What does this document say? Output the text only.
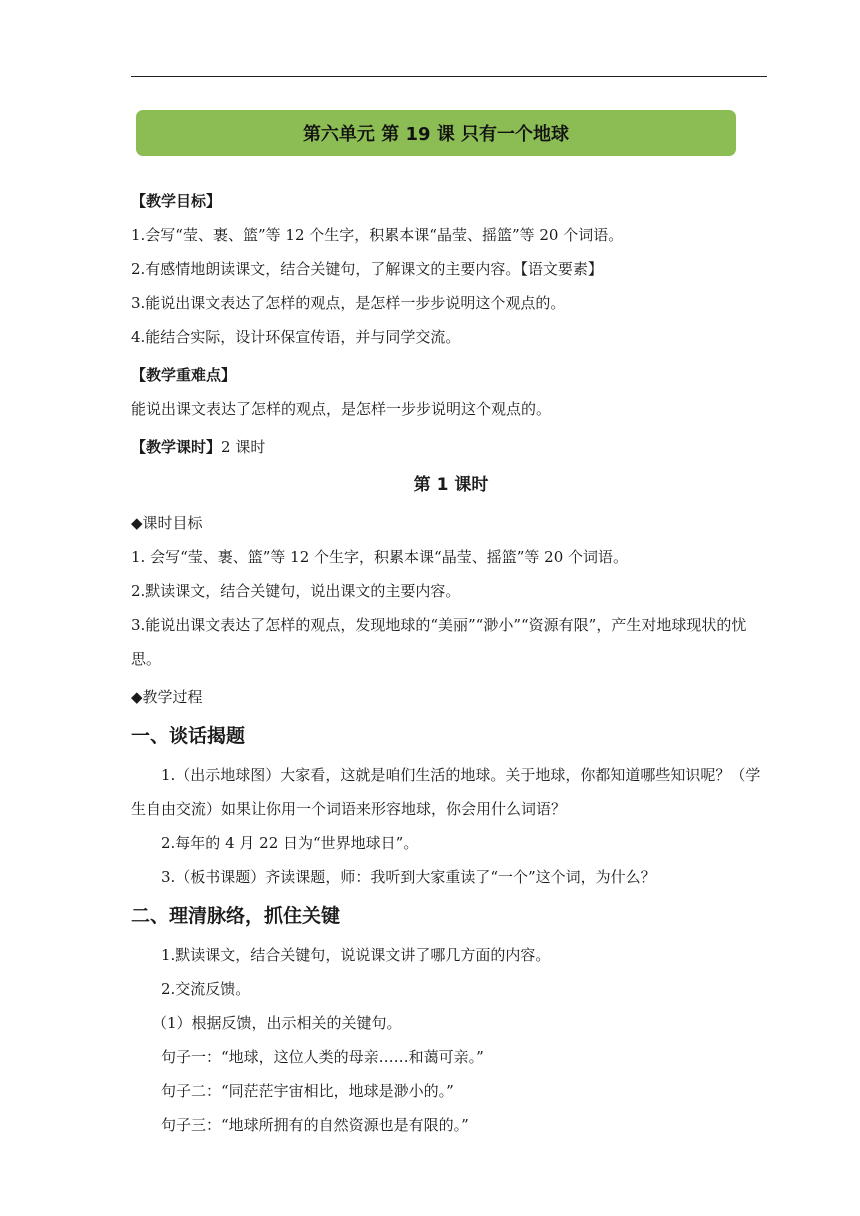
第六单元 第 19 课 只有一个地球

【教学目标】

1.会写“莹、裹、篮”等 12 个生字，积累本课“晶莹、摇篮”等 20 个词语。

2.有感情地朗读课文，结合关键句，了解课文的主要内容。【语文要素】

3.能说出课文表达了怎样的观点，是怎样一步步说明这个观点的。

4.能结合实际，设计环保宣传语，并与同学交流。

【教学重难点】

能说出课文表达了怎样的观点，是怎样一步步说明这个观点的。

【教学课时】2 课时

第 1 课时

◆课时目标

1. 会写“莹、裹、篮”等 12 个生字，积累本课“晶莹、摇篮”等 20 个词语。

2.默读课文，结合关键句，说出课文的主要内容。

3.能说出课文表达了怎样的观点，发现地球的“美丽”“渺小”“资源有限”，产生对地球现状的忧思。

◆教学过程

一、谈话揭题

1.（出示地球图）大家看，这就是咱们生活的地球。关于地球，你都知道哪些知识呢？（学生自由交流）如果让你用一个词语来形容地球，你会用什么词语？

2.每年的 4 月 22 日为“世界地球日”。

3.（板书课题）齐读课题，师：我听到大家重读了“一个”这个词，为什么？

二、理清脉络，抓住关键

1.默读课文，结合关键句，说说课文讲了哪几方面的内容。

2.交流反馈。

（1）根据反馈，出示相关的关键句。

句子一：“地球，这位人类的母亲……和蔼可亲。”

句子二：“同茫茫宇宙相比，地球是渺小的。”

句子三：“地球所拥有的自然资源也是有限的。”
